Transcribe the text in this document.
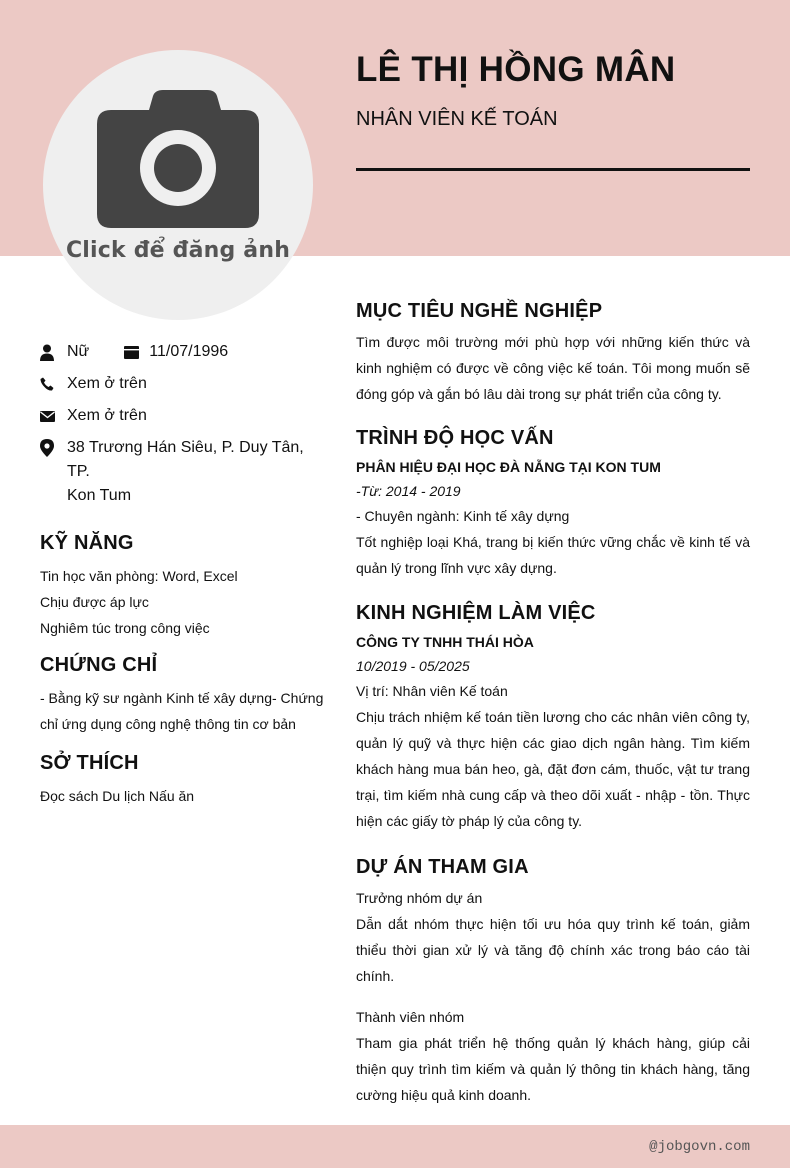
Click để đăng ảnh
LÊ THỊ HỒNG MÂN
NHÂN VIÊN KẾ TOÁN
Nữ	11/07/1996
Xem ở trên
Xem ở trên
38 Trương Hán Siêu, P. Duy Tân, TP.
Kon Tum
KỸ NĂNG
Tin học văn phòng: Word, Excel
Chịu được áp lực
Nghiêm túc trong công việc
CHỨNG CHỈ
- Bằng kỹ sư ngành Kinh tế xây dựng- Chứng
chỉ ứng dụng công nghệ thông tin cơ bản
SỞ THÍCH
Đọc sách Du lịch Nấu ăn
MỤC TIÊU NGHỀ NGHIỆP
Tìm được môi trường mới phù hợp với những kiến thức và kinh nghiệm có được về công việc kế toán. Tôi mong muốn sẽ đóng góp và gắn bó lâu dài trong sự phát triển của công ty.
TRÌNH ĐỘ HỌC VẤN
PHÂN HIỆU ĐẠI HỌC ĐÀ NẴNG TẠI KON TUM
-Từ: 2014 - 2019
- Chuyên ngành: Kinh tế xây dựng
Tốt nghiệp loại Khá, trang bị kiến thức vững chắc về kinh tế và quản lý trong lĩnh vực xây dựng.
KINH NGHIỆM LÀM VIỆC
CÔNG TY TNHH THÁI HÒA
10/2019 - 05/2025
Vị trí: Nhân viên Kế toán
Chịu trách nhiệm kế toán tiền lương cho các nhân viên công ty, quản lý quỹ và thực hiện các giao dịch ngân hàng. Tìm kiếm khách hàng mua bán heo, gà, đặt đơn cám, thuốc, vật tư trang trại, tìm kiếm nhà cung cấp và theo dõi xuất - nhập - tồn. Thực hiện các giấy tờ pháp lý của công ty.
DỰ ÁN THAM GIA
Trưởng nhóm dự án
Dẫn dắt nhóm thực hiện tối ưu hóa quy trình kế toán, giảm thiểu thời gian xử lý và tăng độ chính xác trong báo cáo tài chính.
Thành viên nhóm
Tham gia phát triển hệ thống quản lý khách hàng, giúp cải thiện quy trình tìm kiếm và quản lý thông tin khách hàng, tăng cường hiệu quả kinh doanh.
@jobgovn.com
